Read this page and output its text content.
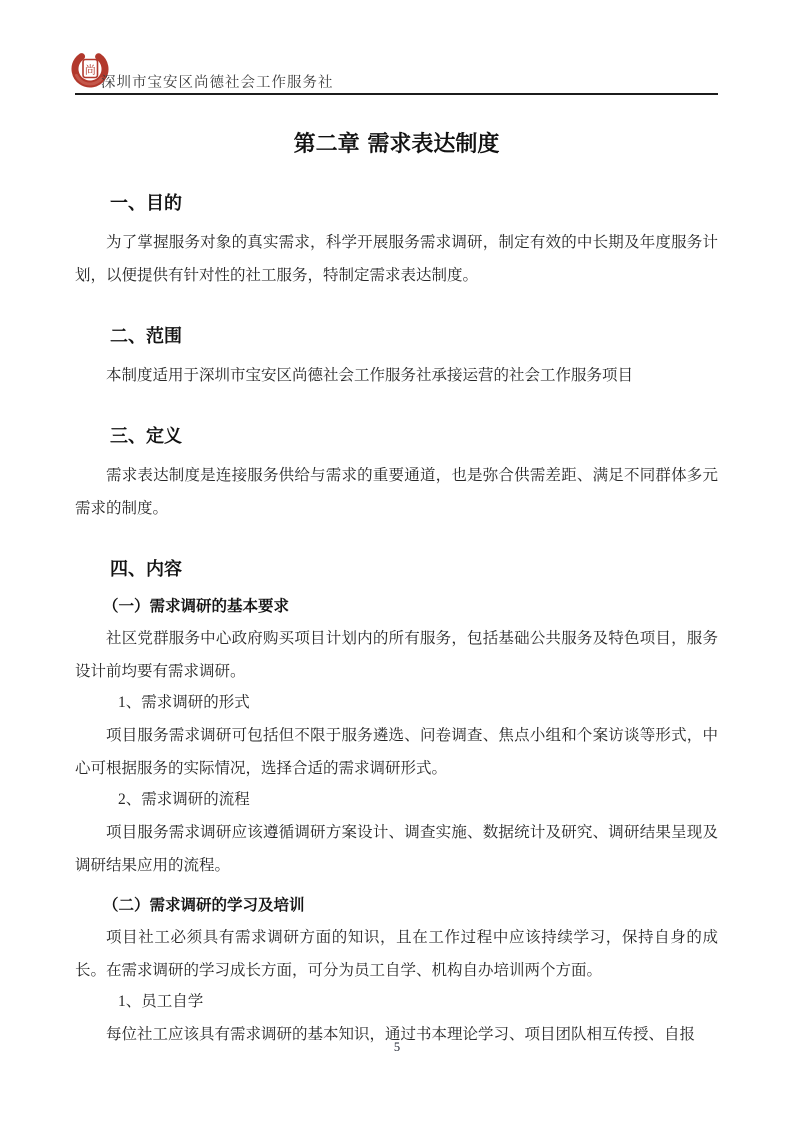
尚
深圳市宝安区尚德社会工作服务社
第二章 需求表达制度
一、目的
为了掌握服务对象的真实需求，科学开展服务需求调研，制定有效的中长期及年度服务计划，以便提供有针对性的社工服务，特制定需求表达制度。
二、范围
本制度适用于深圳市宝安区尚德社会工作服务社承接运营的社会工作服务项目
三、定义
需求表达制度是连接服务供给与需求的重要通道，也是弥合供需差距、满足不同群体多元需求的制度。
四、内容
（一）需求调研的基本要求
社区党群服务中心政府购买项目计划内的所有服务，包括基础公共服务及特色项目，服务设计前均要有需求调研。
1、需求调研的形式
项目服务需求调研可包括但不限于服务遴选、问卷调查、焦点小组和个案访谈等形式，中心可根据服务的实际情况，选择合适的需求调研形式。
2、需求调研的流程
项目服务需求调研应该遵循调研方案设计、调查实施、数据统计及研究、调研结果呈现及调研结果应用的流程。
（二）需求调研的学习及培训
项目社工必须具有需求调研方面的知识，且在工作过程中应该持续学习，保持自身的成长。在需求调研的学习成长方面，可分为员工自学、机构自办培训两个方面。
1、员工自学
每位社工应该具有需求调研的基本知识，通过书本理论学习、项目团队相互传授、自报
5
